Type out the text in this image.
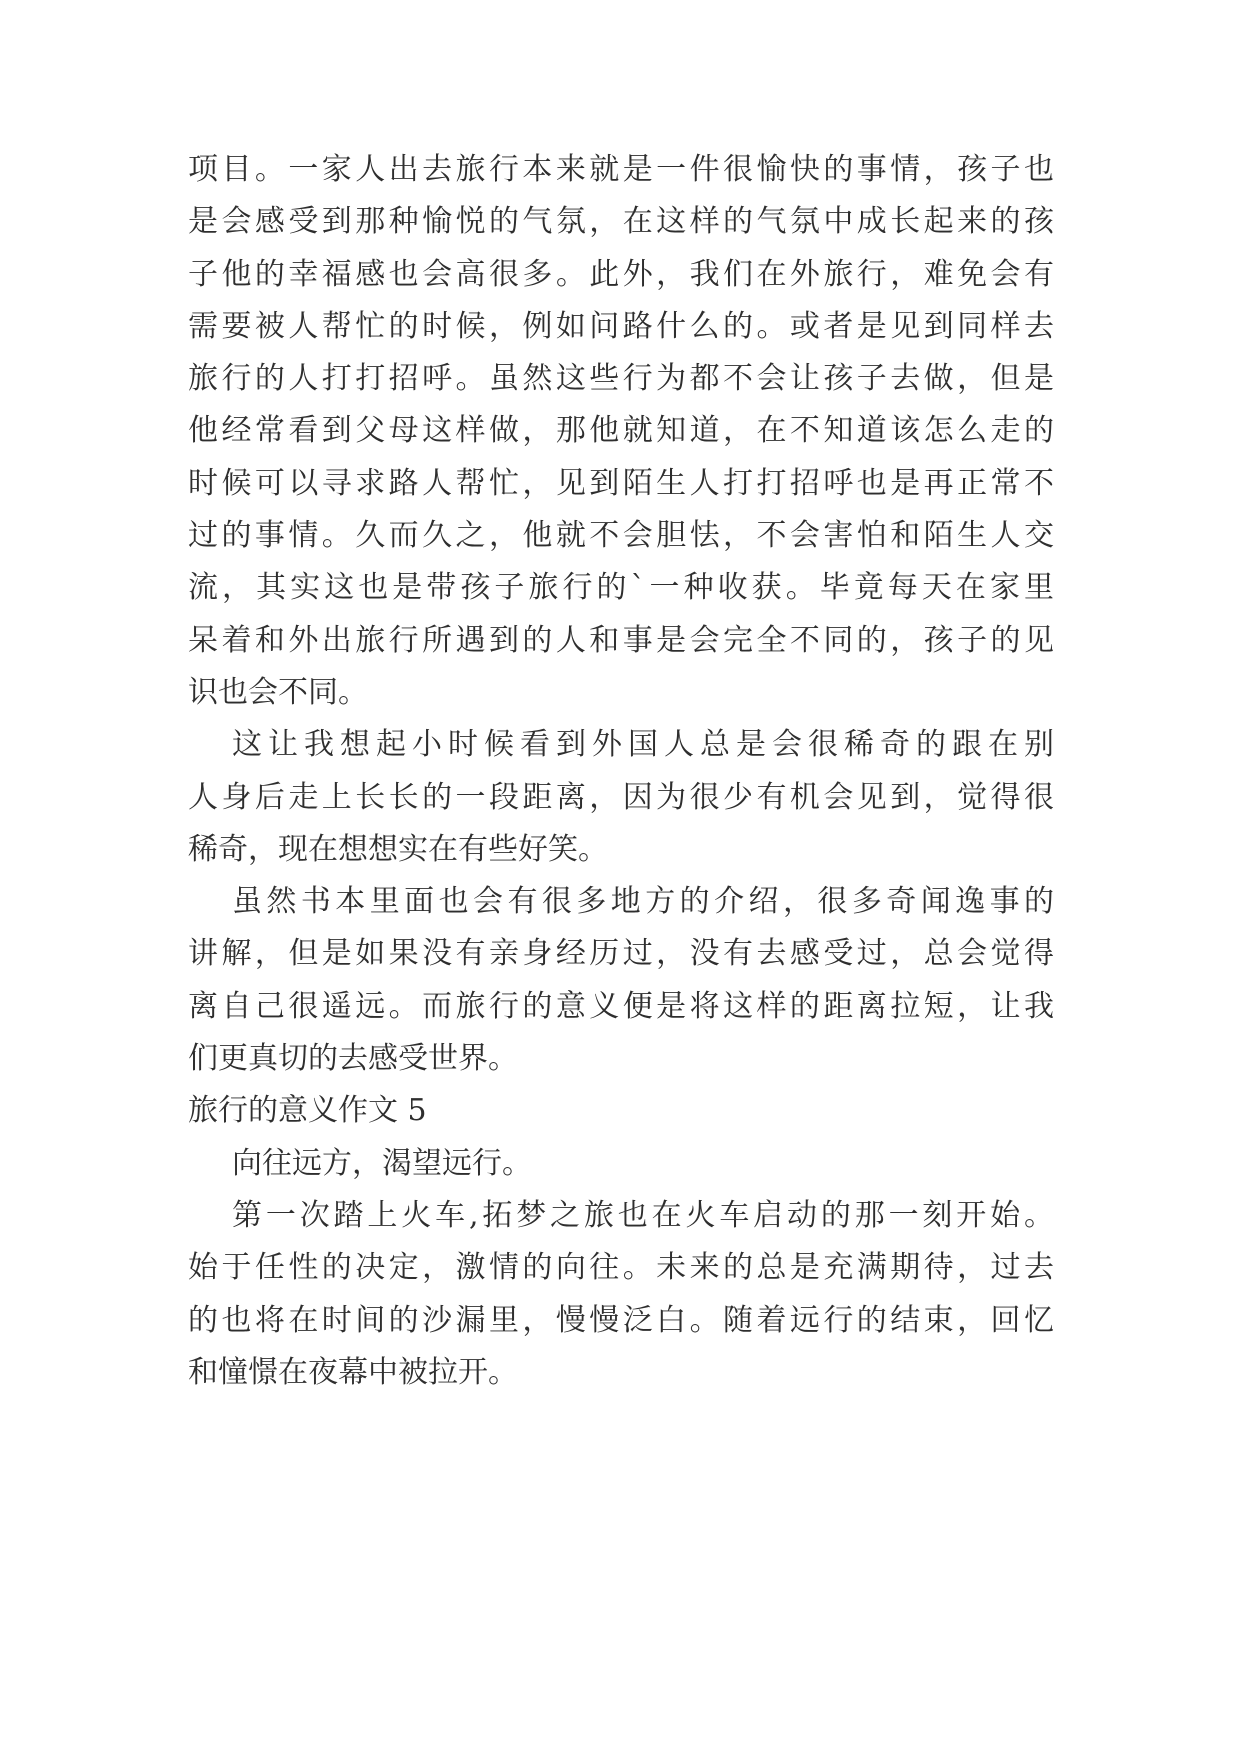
项目。一家人出去旅行本来就是一件很愉快的事情，孩子也
是会感受到那种愉悦的气氛，在这样的气氛中成长起来的孩
子他的幸福感也会高很多。此外，我们在外旅行，难免会有
需要被人帮忙的时候，例如问路什么的。或者是见到同样去
旅行的人打打招呼。虽然这些行为都不会让孩子去做，但是
他经常看到父母这样做，那他就知道，在不知道该怎么走的
时候可以寻求路人帮忙，见到陌生人打打招呼也是再正常不
过的事情。久而久之，他就不会胆怯，不会害怕和陌生人交
流，其实这也是带孩子旅行的`一种收获。毕竟每天在家里
呆着和外出旅行所遇到的人和事是会完全不同的，孩子的见
识也会不同。
这让我想起小时候看到外国人总是会很稀奇的跟在别
人身后走上长长的一段距离，因为很少有机会见到，觉得很
稀奇，现在想想实在有些好笑。
虽然书本里面也会有很多地方的介绍，很多奇闻逸事的
讲解，但是如果没有亲身经历过，没有去感受过，总会觉得
离自己很遥远。而旅行的意义便是将这样的距离拉短，让我
们更真切的去感受世界。
旅行的意义作文 5
向往远方，渴望远行。
第一次踏上火车,拓梦之旅也在火车启动的那一刻开始。
始于任性的决定，激情的向往。未来的总是充满期待，过去
的也将在时间的沙漏里，慢慢泛白。随着远行的结束，回忆
和憧憬在夜幕中被拉开。
